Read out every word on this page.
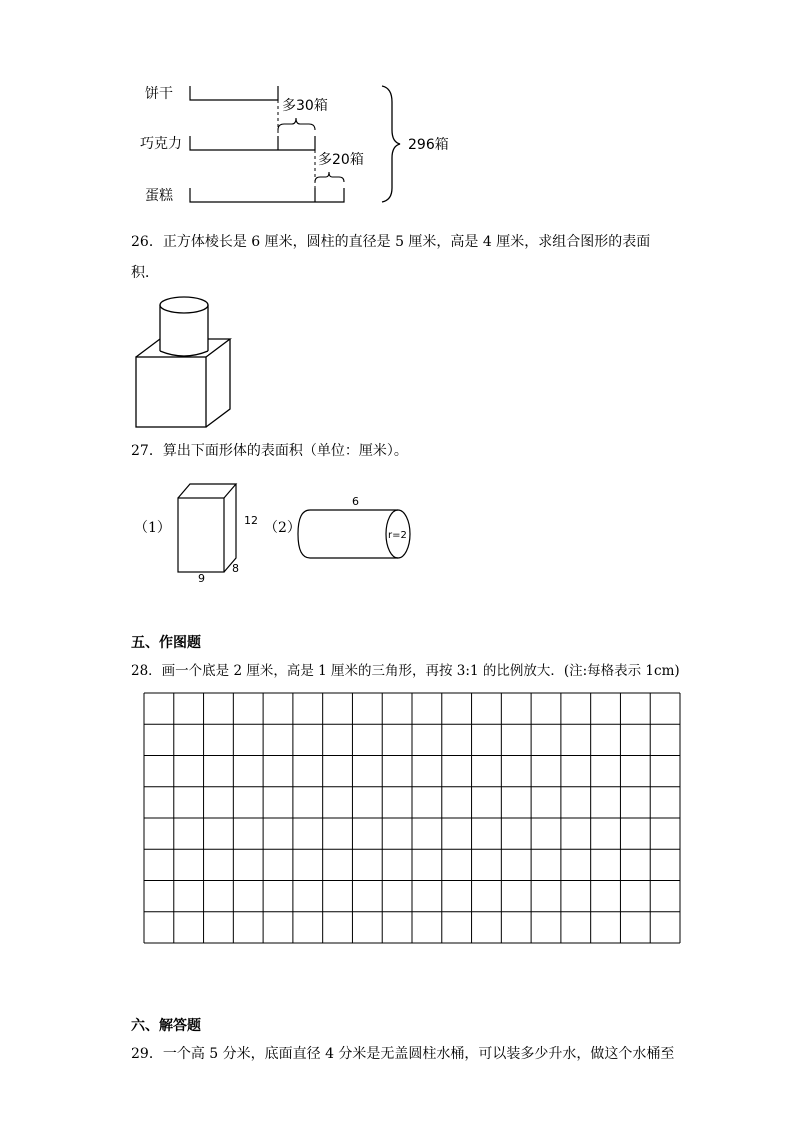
饼干
巧克力
蛋糕
多30箱
多20箱
296箱
26．正方体棱长是 6 厘米，圆柱的直径是 5 厘米，高是 4 厘米，求组合图形的表面
积．
27．算出下面形体的表面积（单位：厘米）。
（1）	12
9
8
（2）
6
r=2
五、作图题
28．画一个底是 2 厘米，高是 1 厘米的三角形，再按 3:1 的比例放大．(注:每格表示 1cm)
六、解答题
29．一个高 5 分米，底面直径 4 分米是无盖圆柱水桶，可以装多少升水，做这个水桶至
